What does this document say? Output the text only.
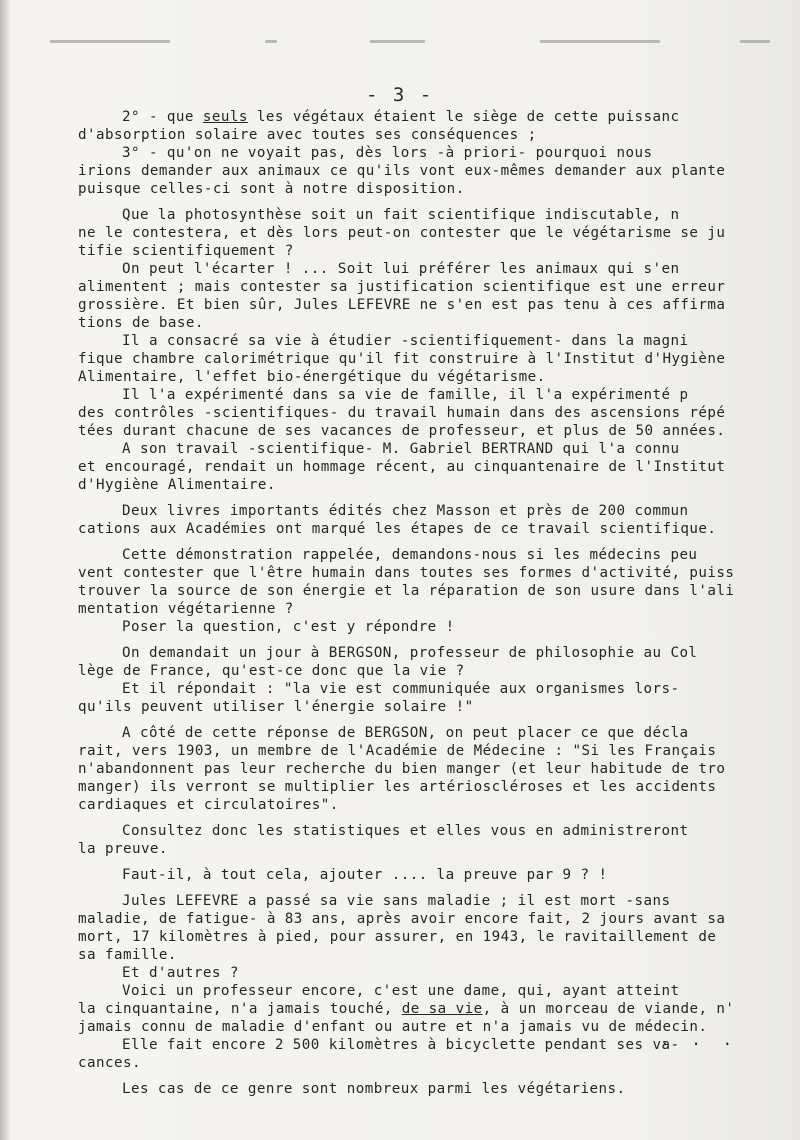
- 3 -
2° - que seuls les végétaux étaient le siège de cette puissanc
d'absorption solaire avec toutes ses conséquences ;
3° - qu'on ne voyait pas, dès lors -à priori- pourquoi nous
irions demander aux animaux ce qu'ils vont eux-mêmes demander aux plante
puisque celles-ci sont à notre disposition.
Que la photosynthèse soit un fait scientifique indiscutable, n
ne le contestera, et dès lors peut-on contester que le végétarisme se ju
tifie scientifiquement ?
On peut l'écarter ! ... Soit lui préférer les animaux qui s'en
alimentent ; mais contester sa justification scientifique est une erreur
grossière. Et bien sûr, Jules LEFEVRE ne s'en est pas tenu à ces affirma
tions de base.
Il a consacré sa vie à étudier -scientifiquement- dans la magni
fique chambre calorimétrique qu'il fit construire à l'Institut d'Hygiène
Alimentaire, l'effet bio-énergétique du végétarisme.
Il l'a expérimenté dans sa vie de famille, il l'a expérimenté p
des contrôles -scientifiques- du travail humain dans des ascensions répé
tées durant chacune de ses vacances de professeur, et plus de 50 années.
A son travail -scientifique- M. Gabriel BERTRAND qui l'a connu
et encouragé, rendait un hommage récent, au cinquantenaire de l'Institut
d'Hygiène Alimentaire.
Deux livres importants édités chez Masson et près de 200 commun
cations aux Académies ont marqué les étapes de ce travail scientifique.
Cette démonstration rappelée, demandons-nous si les médecins peu
vent contester que l'être humain dans toutes ses formes d'activité, puiss
trouver la source de son énergie et la réparation de son usure dans l'ali
mentation végétarienne ?
Poser la question, c'est y répondre !
On demandait un jour à BERGSON, professeur de philosophie au Col
lège de France, qu'est-ce donc que la vie ?
Et il répondait : "la vie est communiquée aux organismes lors-
qu'ils peuvent utiliser l'énergie solaire !"
A côté de cette réponse de BERGSON, on peut placer ce que décla
rait, vers 1903, un membre de l'Académie de Médecine : "Si les Français
n'abandonnent pas leur recherche du bien manger (et leur habitude de tro
manger) ils verront se multiplier les artérioscléroses et les accidents
cardiaques et circulatoires".
Consultez donc les statistiques et elles vous en administreront
la preuve.
Faut-il, à tout cela, ajouter .... la preuve par 9 ? !
Jules LEFEVRE a passé sa vie sans maladie ; il est mort -sans
maladie, de fatigue- à 83 ans, après avoir encore fait, 2 jours avant sa
mort, 17 kilomètres à pied, pour assurer, en 1943, le ravitaillement de
sa famille.
Et d'autres ?
Voici un professeur encore, c'est une dame, qui, ayant atteint
la cinquantaine, n'a jamais touché, de sa vie, à un morceau de viande, n'
jamais connu de maladie d'enfant ou autre et n'a jamais vu de médecin.
Elle fait encore 2 500 kilomètres à bicyclette pendant ses va-
cances.
Les cas de ce genre sont nombreux parmi les végétariens.
. . .
